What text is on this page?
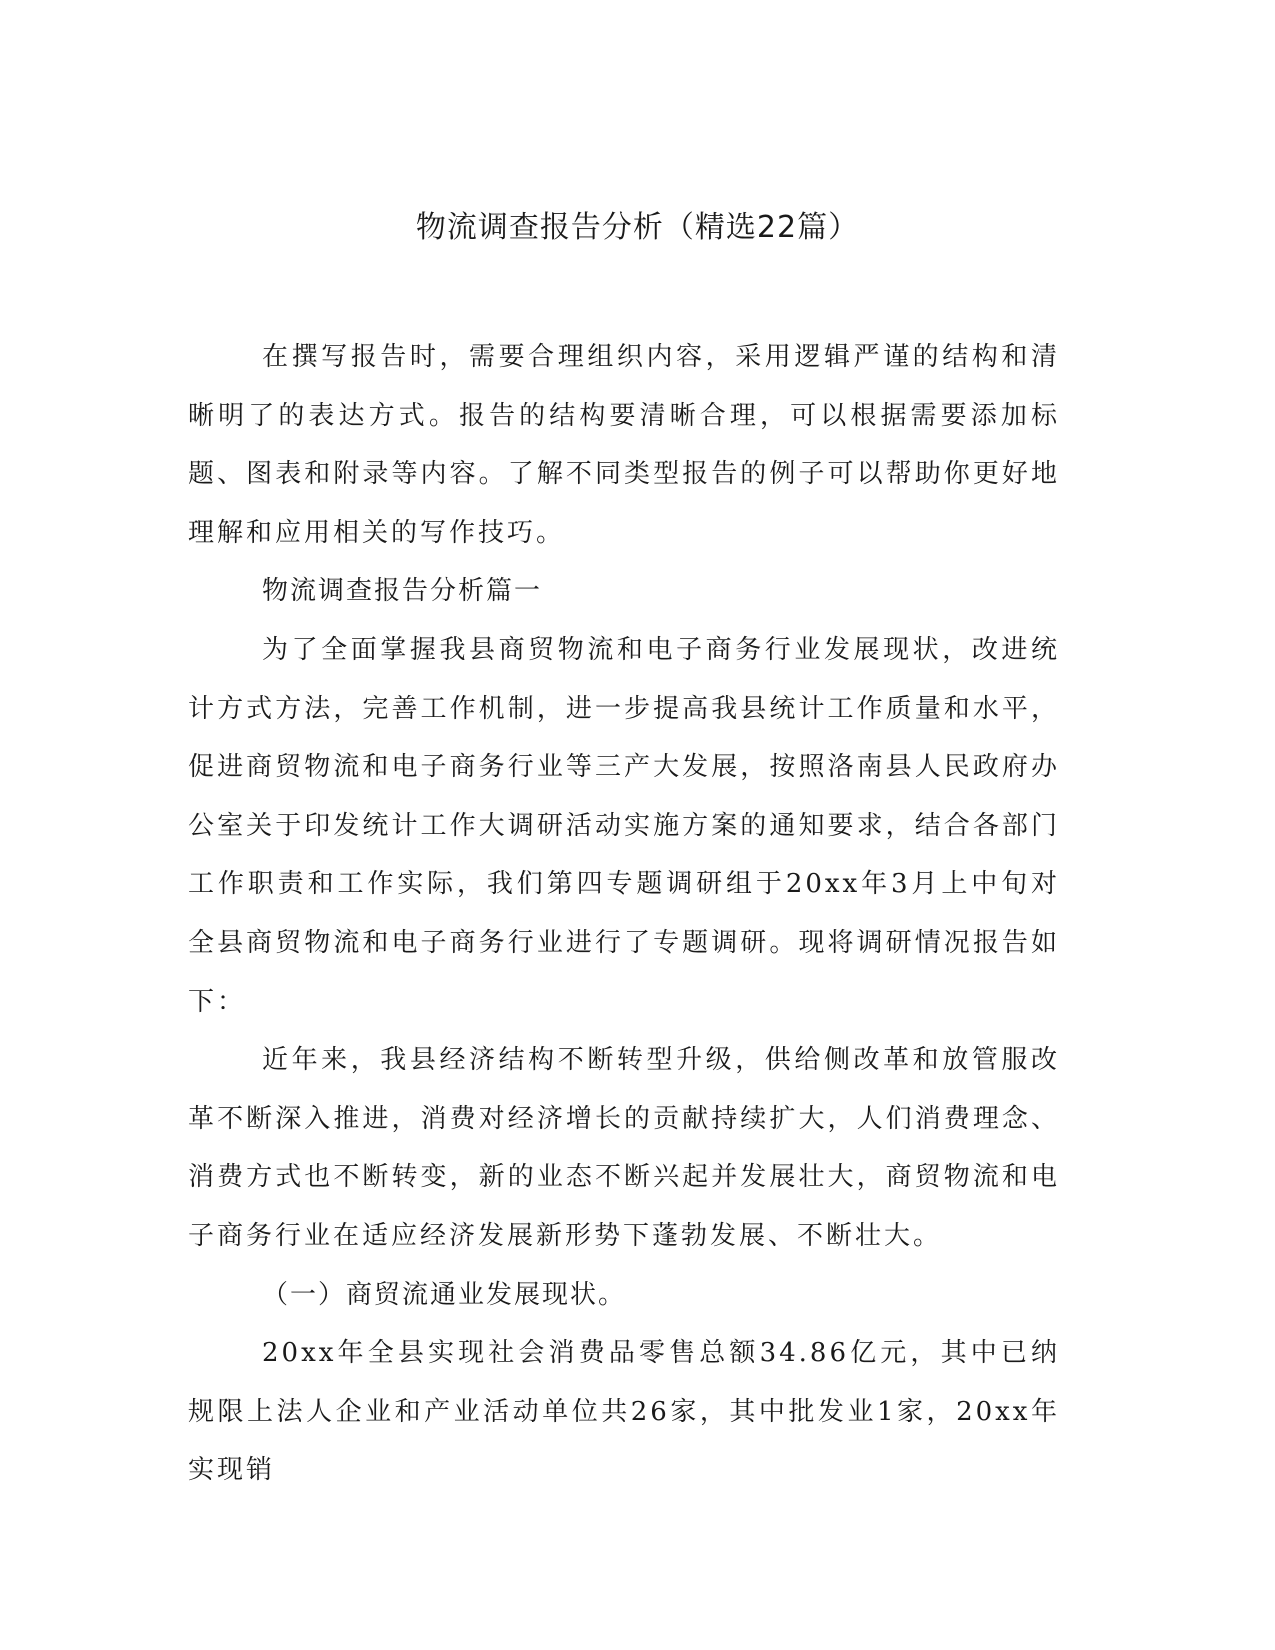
物流调查报告分析（精选22篇）

在撰写报告时，需要合理组织内容，采用逻辑严谨的结构和清晰明了的表达方式。报告的结构要清晰合理，可以根据需要添加标题、图表和附录等内容。了解不同类型报告的例子可以帮助你更好地理解和应用相关的写作技巧。

物流调查报告分析篇一

为了全面掌握我县商贸物流和电子商务行业发展现状，改进统计方式方法，完善工作机制，进一步提高我县统计工作质量和水平，促进商贸物流和电子商务行业等三产大发展，按照洛南县人民政府办公室关于印发统计工作大调研活动实施方案的通知要求，结合各部门工作职责和工作实际，我们第四专题调研组于20xx年3月上中旬对全县商贸物流和电子商务行业进行了专题调研。现将调研情况报告如下：

近年来，我县经济结构不断转型升级，供给侧改革和放管服改革不断深入推进，消费对经济增长的贡献持续扩大，人们消费理念、消费方式也不断转变，新的业态不断兴起并发展壮大，商贸物流和电子商务行业在适应经济发展新形势下蓬勃发展、不断壮大。

（一）商贸流通业发展现状。

20xx年全县实现社会消费品零售总额34.86亿元，其中已纳规限上法人企业和产业活动单位共26家，其中批发业1家，20xx年实现销
